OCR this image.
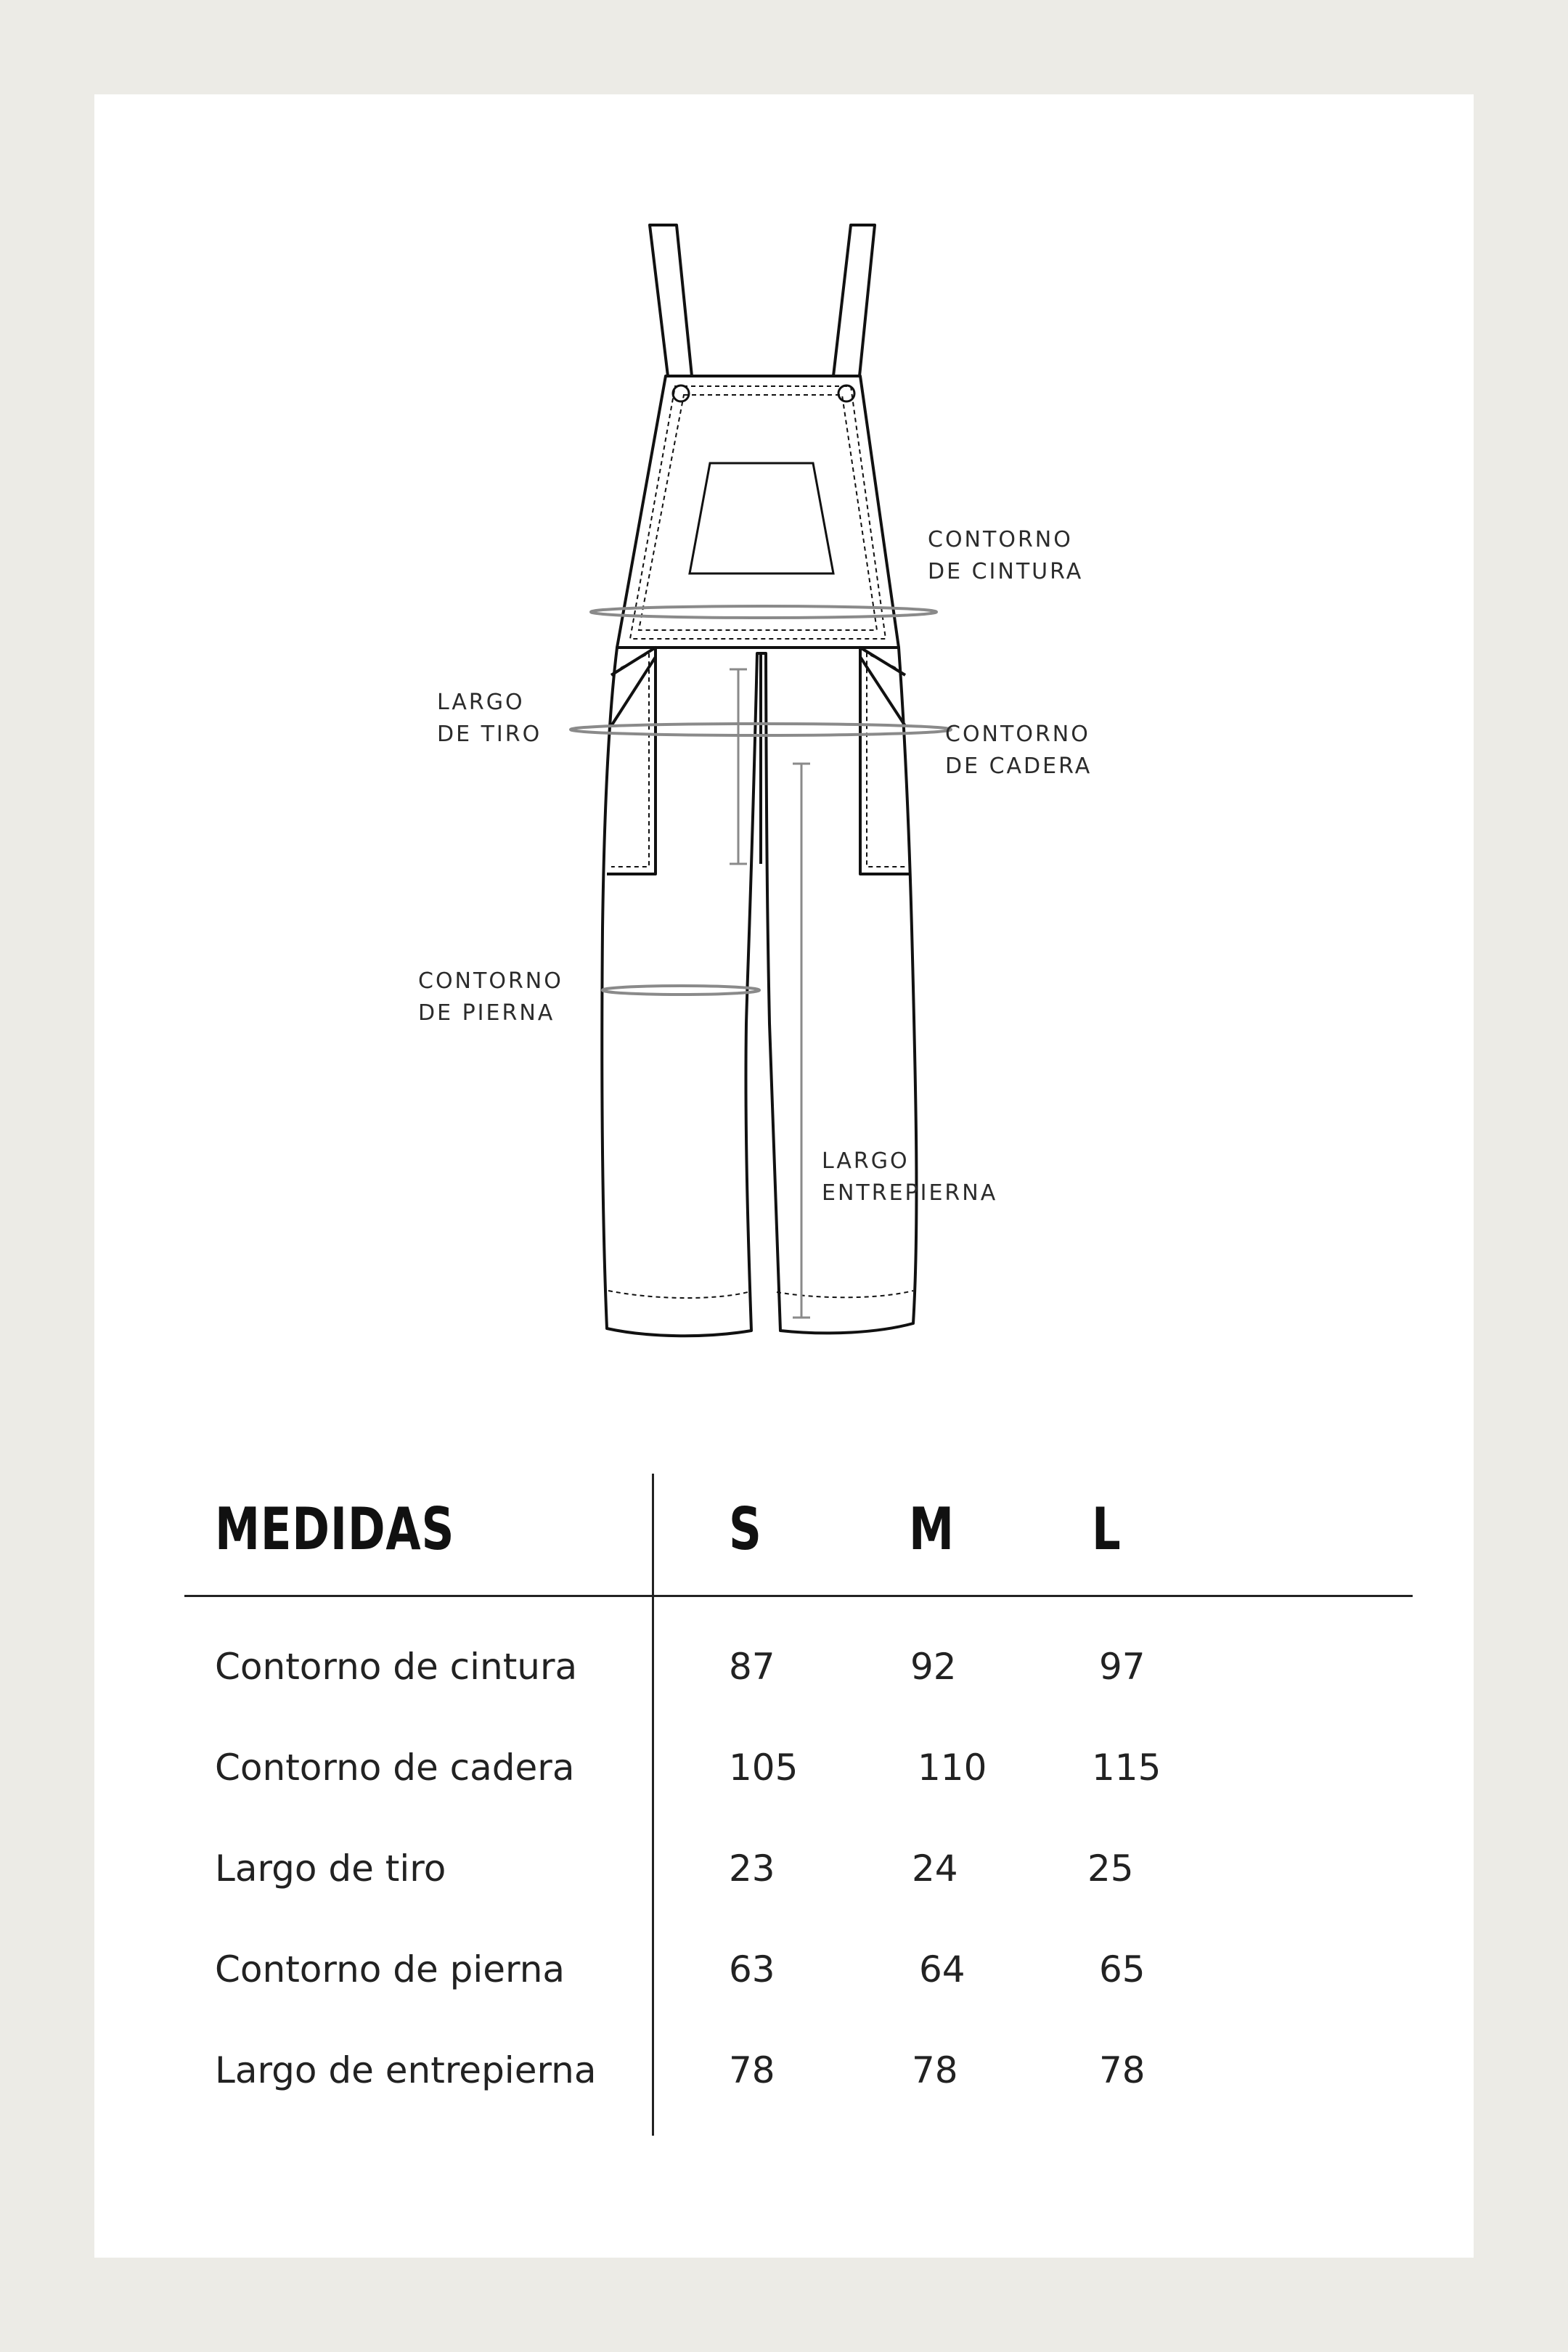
CONTORNO
DE CINTURA
LARGO
DE TIRO	CONTORNO
DE CADERA
CONTORNO
DE PIERNA
LARGO
ENTREPIERNA
MEDIDAS	S	M L
Contorno de cintura	87	92	97
Contorno de cadera	105	110	115
Largo de tiro	23	24	25
Contorno de pierna	63	64	65
Largo de entrepierna	78	78	78
